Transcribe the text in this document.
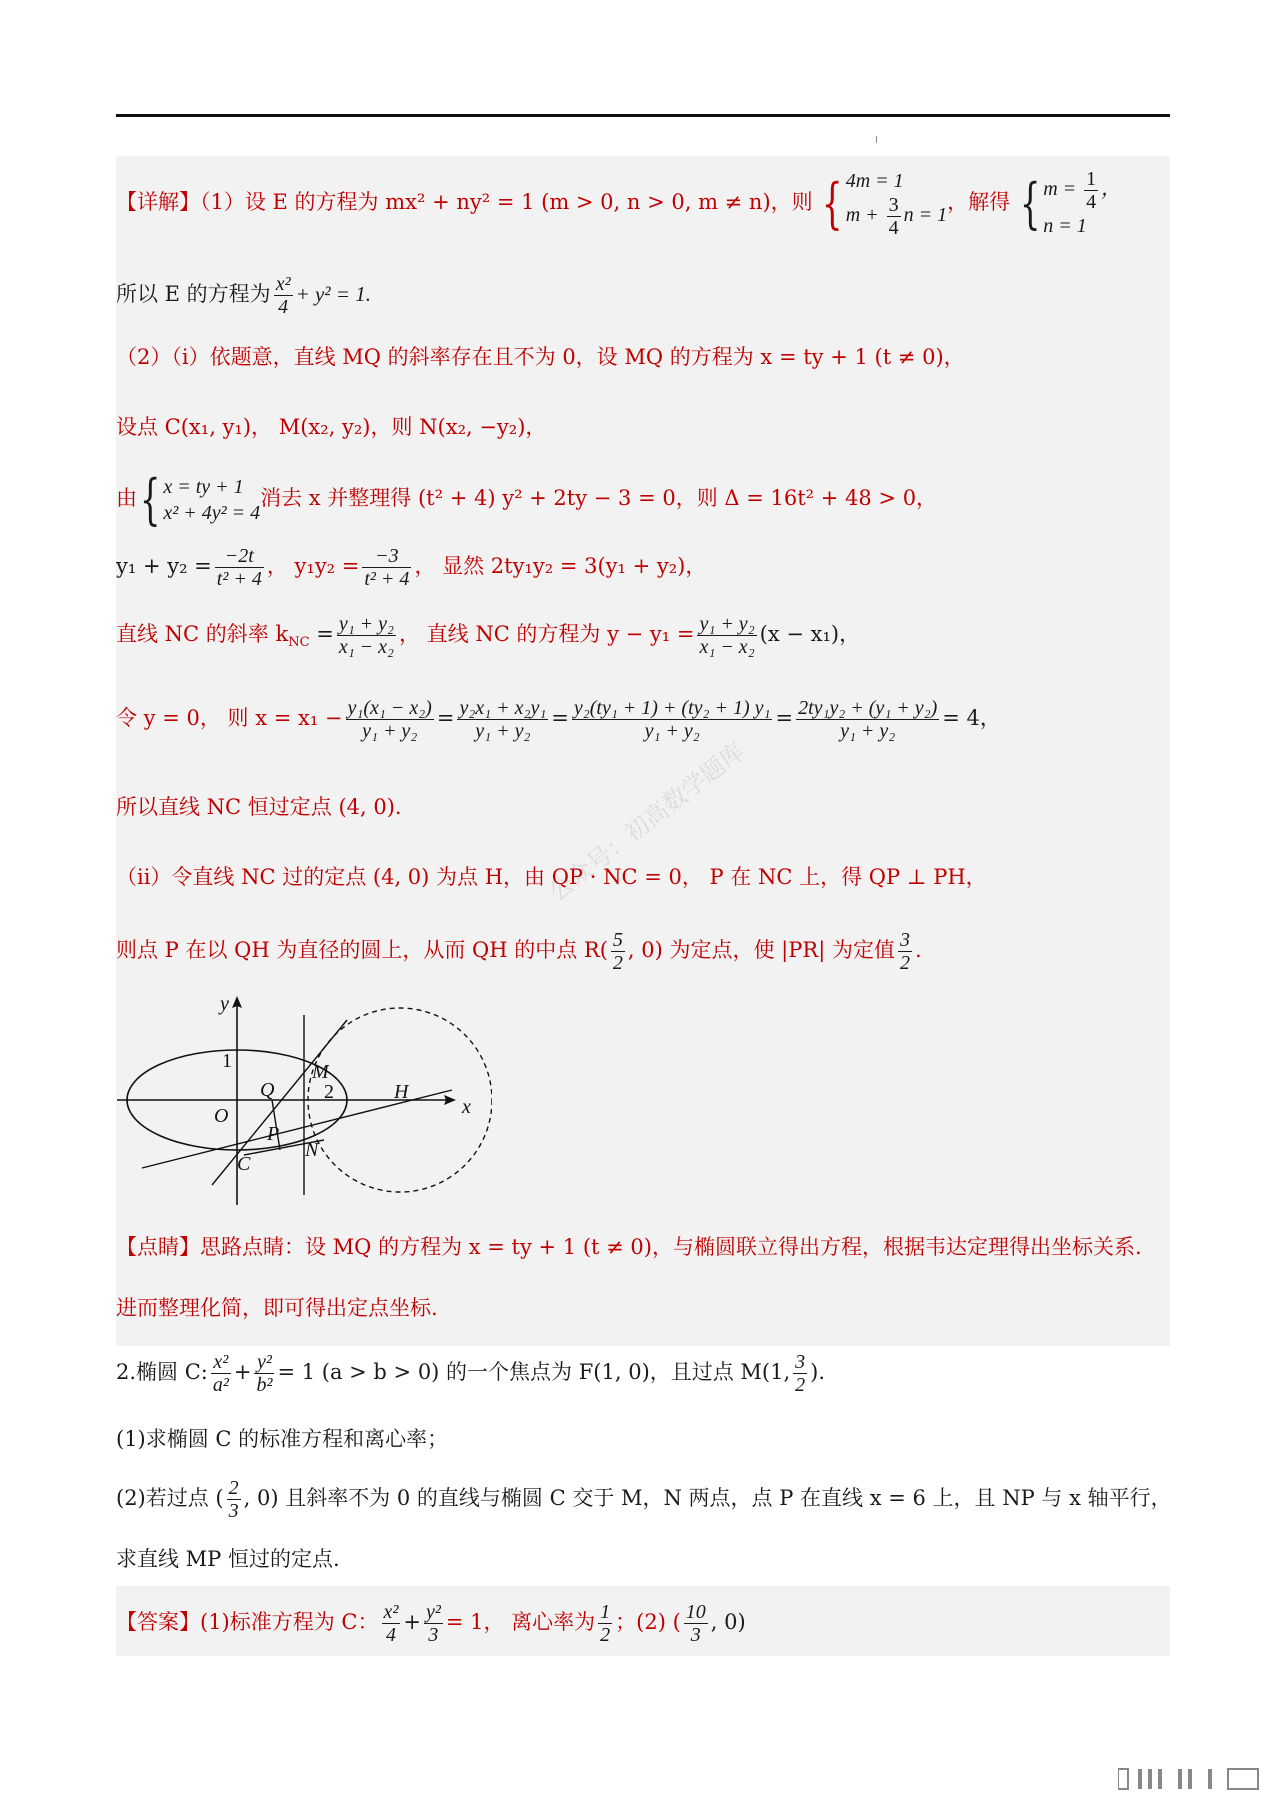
公众号：初高数学题库
【详解】（1）设 E 的方程为 mx² + ny² = 1 (m > 0, n > 0, m ≠ n)，则 { 4m = 1
$m + \frac{3}{4}$ n = 1
，解得 { $m = \frac{1}{4}$ ，
n = 1
所以 E 的方程为 $\frac{\text{x²}}{4} + y^2 = 1$.
（2）（i）依题意，直线 MQ 的斜率存在且不为 0，设 MQ 的方程为 x = ty + 1 (t ≠ 0)，
设点 C(x₁, y₁)， M(x₂, y₂)，则 N(x₂, −y₂)，
由{ x = ty + 1
x² + 4y² = 4
消去 x 并整理得 (t² + 4) y² + 2ty − 3 = 0，则 Δ = 16t² + 48 > 0，
$y_1 + y_2 = \frac{-2t}{\text{t² + 4}}$ ， $y_1y_2 = \frac{-3}{\text{t² + 4}}$ ， 显然 2ty₁y₂ = 3(y₁ + y₂)，
直线 NC 的斜率 $k_{NC} = \frac{\text{y₁ + y₂}}{\text{x₁ − x₂}}$ ， 直线 NC 的方程为 $y - y_1 = \frac{\text{y₁ + y₂}}{\text{x₁ − x₂}} (x - x_1)$，
令 y = 0， 则 $x = x_1 - \frac{\text{y₁(x₁ − x₂)}}{\text{y₁ + y₂}} = \frac{\text{y₂x₁ + x₂y₁}}{\text{y₁ + y₂}} = \frac{\text{y₂(ty₁ + 1) + (ty₂ + 1) y₁}}{\text{y₁ + y₂}} = \frac{\text{2ty₁y₂ + (y₁ + y₂)}}{\text{y₁ + y₂}} = 4$，
所以直线 NC 恒过定点 (4, 0).
（ii）令直线 NC 过的定点 (4, 0) 为点 H，由 QP · NC = 0， P 在 NC 上，得 QP ⊥ PH，
则点 P 在以 QH 为直径的圆上，从而 QH 的中点 $R( \frac{5}{2}$ , 0) 为定点，使 |PR| 为定值 $\frac{3}{2}$ .
y
x
1
2
O
Q
M
P
N
C
H
【点睛】思路点睛：设 MQ 的方程为 x = ty + 1 (t ≠ 0)，与椭圆联立得出方程，根据韦达定理得出坐标关系.
进而整理化简，即可得出定点坐标.
2.椭圆 C: $\frac{\text{x²}}{\text{a²}} + \frac{\text{y²}}{\text{b²}} = 1$ (a > b > 0) 的一个焦点为 F(1, 0)，且过点 M(1, $\frac{3}{2}$ ).
(1)求椭圆 C 的标准方程和离心率；
(2)若过点 ( $\frac{2}{3}$ , 0) 且斜率不为 0 的直线与椭圆 C 交于 M，N 两点，点 P 在直线 x = 6 上，且 NP 与 x 轴平行，
求直线 MP 恒过的定点.
【答案】(1)标准方程为 C： $\frac{\text{x²}}{4} + \frac{\text{y²}}{3} = 1$， 离心率为 $\frac{1}{2}$ ；(2) ( $\frac{10}{3}$ , 0)
